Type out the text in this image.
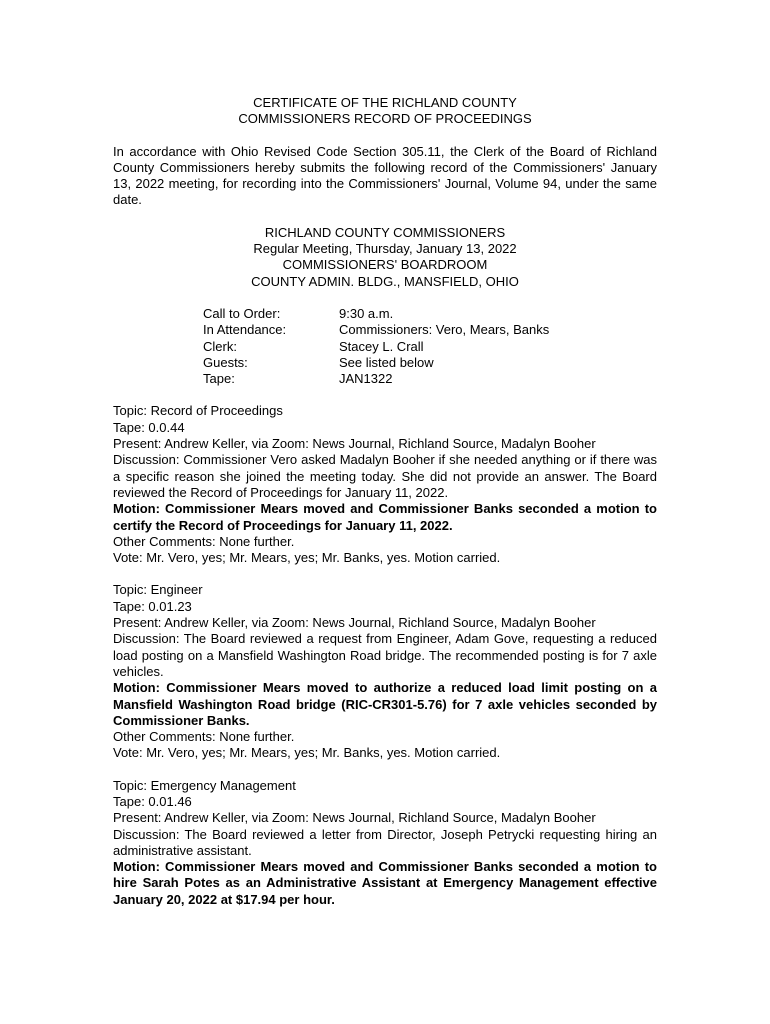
CERTIFICATE OF THE RICHLAND COUNTY

COMMISSIONERS RECORD OF PROCEEDINGS

In accordance with Ohio Revised Code Section 305.11, the Clerk of the Board of Richland County Commissioners hereby submits the following record of the Commissioners' January 13, 2022 meeting, for recording into the Commissioners' Journal, Volume 94, under the same date.

RICHLAND COUNTY COMMISSIONERS

Regular Meeting, Thursday, January 13, 2022

COMMISSIONERS' BOARDROOM

COUNTY ADMIN. BLDG., MANSFIELD, OHIO

Call to Order:	9:30 a.m.
In Attendance:	Commissioners: Vero, Mears, Banks
Clerk:	Stacey L. Crall
Guests:	See listed below
Tape:	JAN1322

Topic: Record of Proceedings

Tape: 0.0.44

Present: Andrew Keller, via Zoom: News Journal, Richland Source, Madalyn Booher

Discussion: Commissioner Vero asked Madalyn Booher if she needed anything or if there was a specific reason she joined the meeting today. She did not provide an answer. The Board reviewed the Record of Proceedings for January 11, 2022.

Motion: Commissioner Mears moved and Commissioner Banks seconded a motion to certify the Record of Proceedings for January 11, 2022.

Other Comments: None further.

Vote: Mr. Vero, yes; Mr. Mears, yes; Mr. Banks, yes. Motion carried.

Topic: Engineer

Tape: 0.01.23

Present: Andrew Keller, via Zoom: News Journal, Richland Source, Madalyn Booher

Discussion: The Board reviewed a request from Engineer, Adam Gove, requesting a reduced load posting on a Mansfield Washington Road bridge. The recommended posting is for 7 axle vehicles.

Motion: Commissioner Mears moved to authorize a reduced load limit posting on a Mansfield Washington Road bridge (RIC-CR301-5.76) for 7 axle vehicles seconded by Commissioner Banks.

Other Comments: None further.

Vote: Mr. Vero, yes; Mr. Mears, yes; Mr. Banks, yes. Motion carried.

Topic: Emergency Management

Tape: 0.01.46

Present: Andrew Keller, via Zoom: News Journal, Richland Source, Madalyn Booher

Discussion: The Board reviewed a letter from Director, Joseph Petrycki requesting hiring an administrative assistant.

Motion: Commissioner Mears moved and Commissioner Banks seconded a motion to hire Sarah Potes as an Administrative Assistant at Emergency Management effective January 20, 2022 at $17.94 per hour.
